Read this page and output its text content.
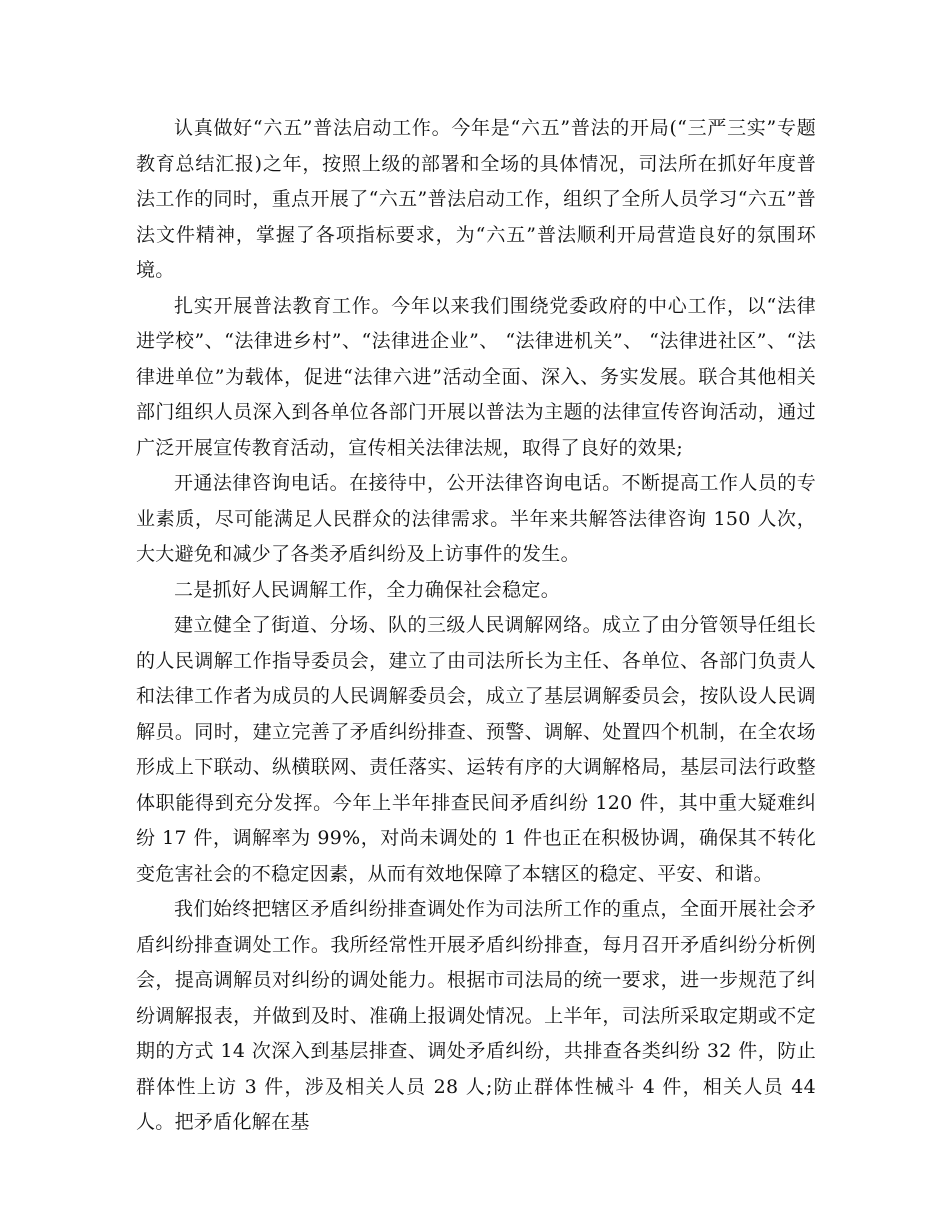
认真做好“六五”普法启动工作。今年是“六五”普法的开局(“三严三实”专题教育总结汇报)之年，按照上级的部署和全场的具体情况，司法所在抓好年度普法工作的同时，重点开展了“六五”普法启动工作，组织了全所人员学习“六五”普法文件精神，掌握了各项指标要求，为“六五”普法顺利开局营造良好的氛围环境。

扎实开展普法教育工作。今年以来我们围绕党委政府的中心工作，以“法律进学校”、“法律进乡村”、“法律进企业”、 “法律进机关”、 “法律进社区”、“法律进单位”为载体，促进“法律六进”活动全面、深入、务实发展。联合其他相关部门组织人员深入到各单位各部门开展以普法为主题的法律宣传咨询活动，通过广泛开展宣传教育活动，宣传相关法律法规，取得了良好的效果;

开通法律咨询电话。在接待中，公开法律咨询电话。不断提高工作人员的专业素质，尽可能满足人民群众的法律需求。半年来共解答法律咨询 150 人次，大大避免和减少了各类矛盾纠纷及上访事件的发生。

二是抓好人民调解工作，全力确保社会稳定。

建立健全了街道、分场、队的三级人民调解网络。成立了由分管领导任组长的人民调解工作指导委员会，建立了由司法所长为主任、各单位、各部门负责人和法律工作者为成员的人民调解委员会，成立了基层调解委员会，按队设人民调解员。同时，建立完善了矛盾纠纷排查、预警、调解、处置四个机制，在全农场形成上下联动、纵横联网、责任落实、运转有序的大调解格局，基层司法行政整体职能得到充分发挥。今年上半年排查民间矛盾纠纷 120 件，其中重大疑难纠纷 17 件，调解率为 99%，对尚未调处的 1 件也正在积极协调，确保其不转化变危害社会的不稳定因素，从而有效地保障了本辖区的稳定、平安、和谐。

我们始终把辖区矛盾纠纷排查调处作为司法所工作的重点，全面开展社会矛盾纠纷排查调处工作。我所经常性开展矛盾纠纷排查，每月召开矛盾纠纷分析例会，提高调解员对纠纷的调处能力。根据市司法局的统一要求，进一步规范了纠纷调解报表，并做到及时、准确上报调处情况。上半年，司法所采取定期或不定期的方式 14 次深入到基层排查、调处矛盾纠纷，共排查各类纠纷 32 件，防止群体性上访 3 件，涉及相关人员 28 人;防止群体性械斗 4 件，相关人员 44 人。把矛盾化解在基
